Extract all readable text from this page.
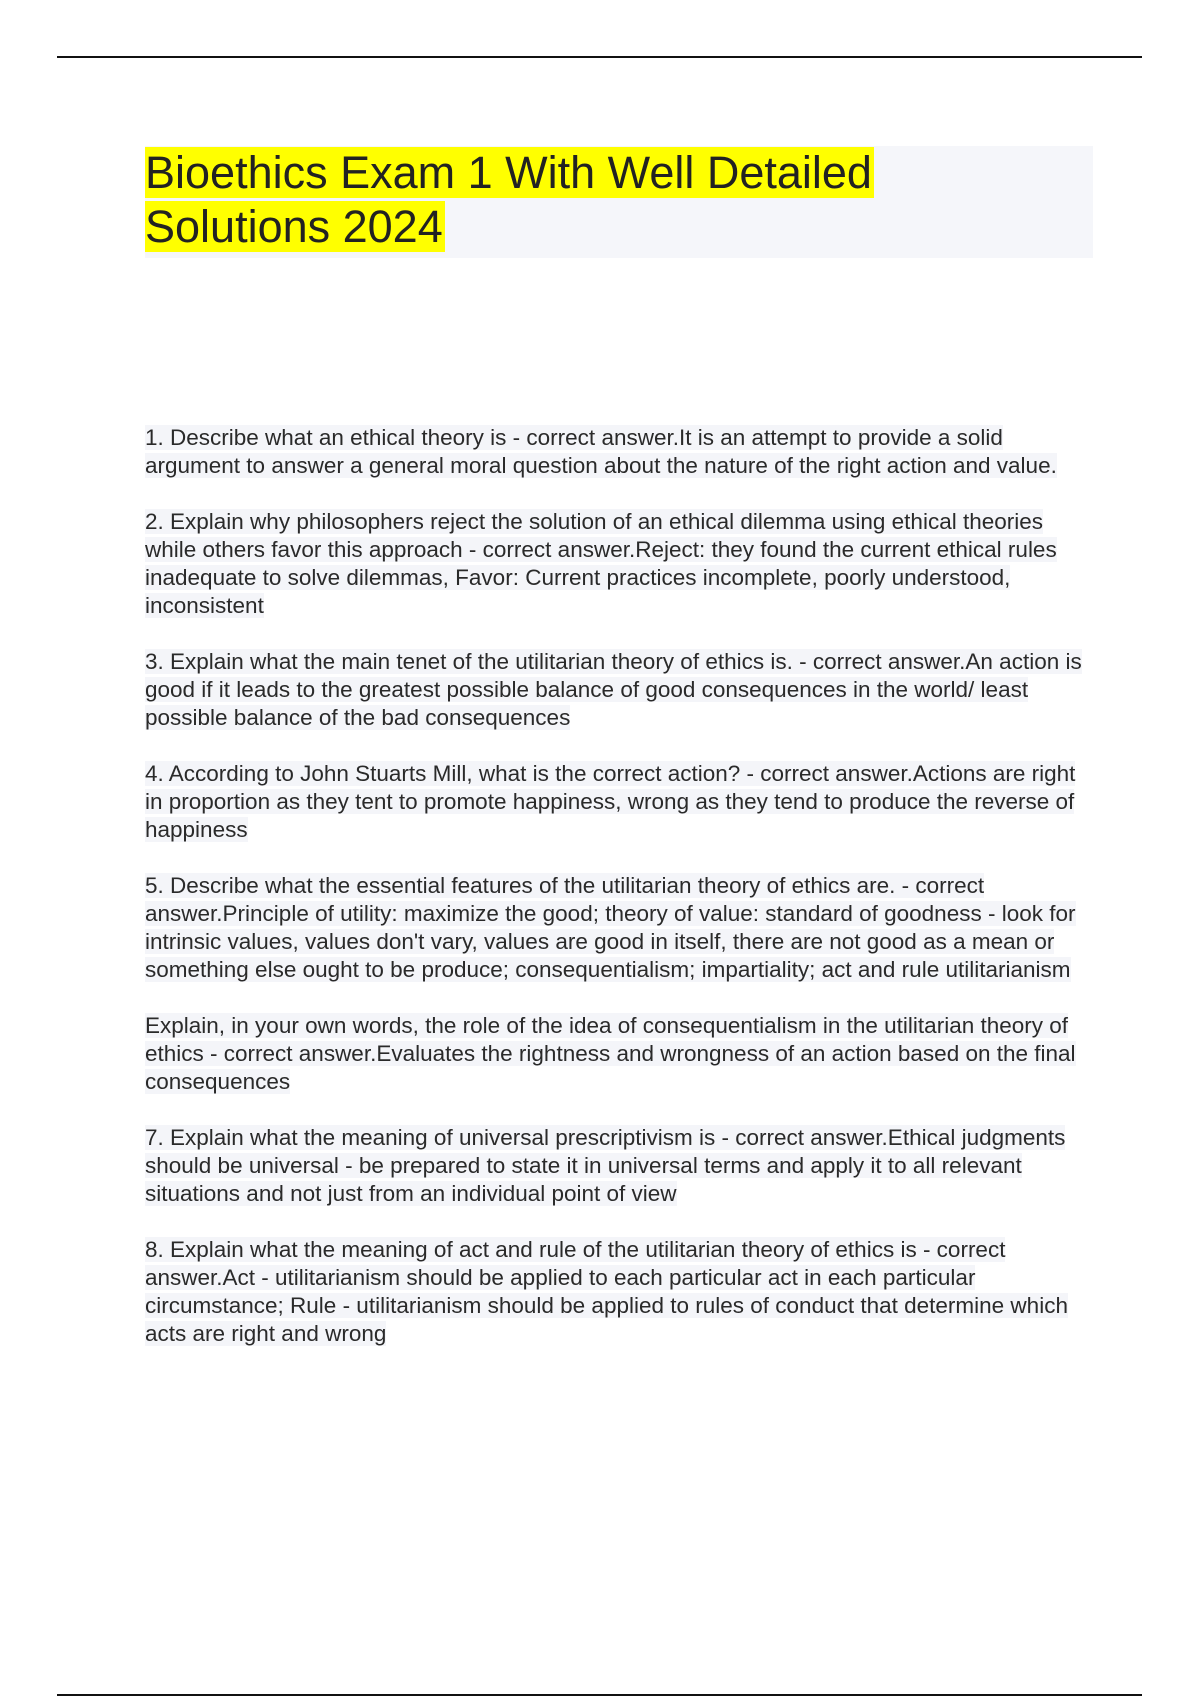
Bioethics Exam 1 With Well Detailed Solutions 2024

1. Describe what an ethical theory is - correct answer.It is an attempt to provide a solid argument to answer a general moral question about the nature of the right action and value.

2. Explain why philosophers reject the solution of an ethical dilemma using ethical theories while others favor this approach - correct answer.Reject: they found the current ethical rules inadequate to solve dilemmas, Favor: Current practices incomplete, poorly understood, inconsistent

3. Explain what the main tenet of the utilitarian theory of ethics is. - correct answer.An action is good if it leads to the greatest possible balance of good consequences in the world/ least possible balance of the bad consequences

4. According to John Stuarts Mill, what is the correct action? - correct answer.Actions are right in proportion as they tent to promote happiness, wrong as they tend to produce the reverse of happiness

5. Describe what the essential features of the utilitarian theory of ethics are. - correct answer.Principle of utility: maximize the good; theory of value: standard of goodness - look for intrinsic values, values don't vary, values are good in itself, there are not good as a mean or something else ought to be produce; consequentialism; impartiality; act and rule utilitarianism

Explain, in your own words, the role of the idea of consequentialism in the utilitarian theory of ethics - correct answer.Evaluates the rightness and wrongness of an action based on the final consequences

7. Explain what the meaning of universal prescriptivism is - correct answer.Ethical judgments should be universal - be prepared to state it in universal terms and apply it to all relevant situations and not just from an individual point of view

8. Explain what the meaning of act and rule of the utilitarian theory of ethics is - correct answer.Act - utilitarianism should be applied to each particular act in each particular circumstance; Rule - utilitarianism should be applied to rules of conduct that determine which acts are right and wrong
